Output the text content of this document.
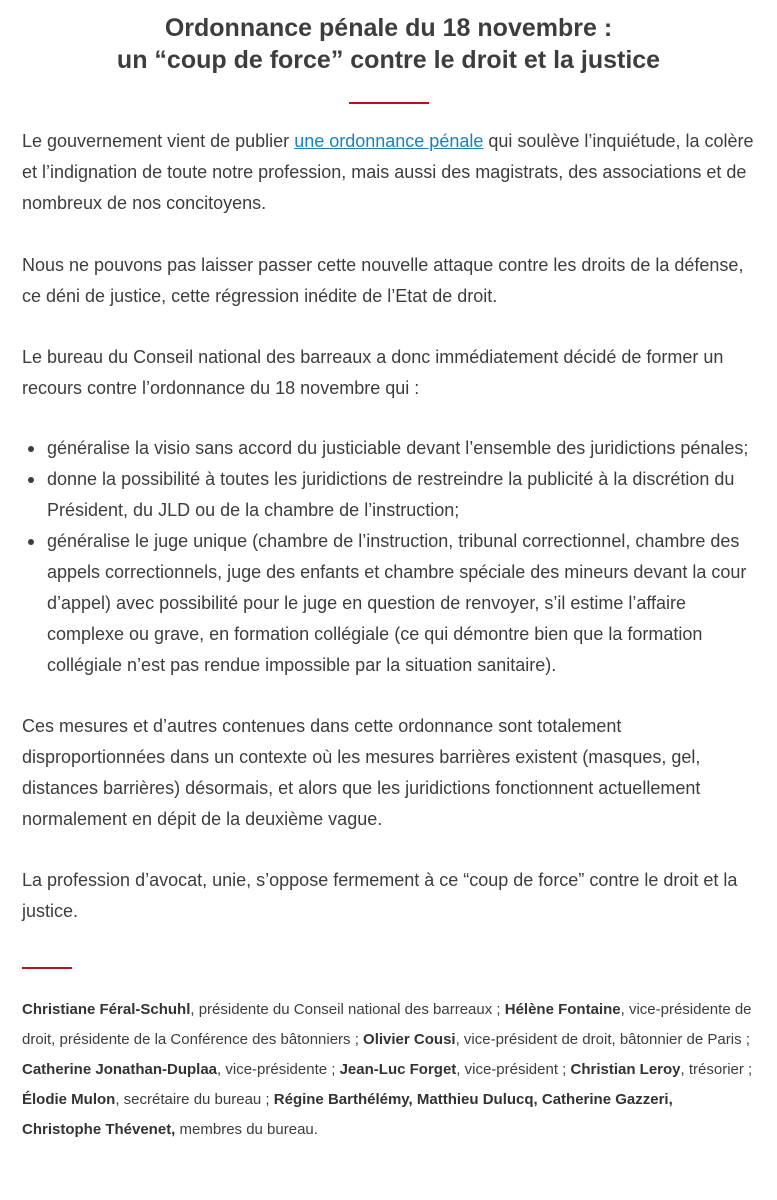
Ordonnance pénale du 18 novembre :
un “coup de force” contre le droit et la justice

Le gouvernement vient de publier une ordonnance pénale qui soulève l’inquiétude, la colère et l’indignation de toute notre profession, mais aussi des magistrats, des associations et de nombreux de nos concitoyens.

Nous ne pouvons pas laisser passer cette nouvelle attaque contre les droits de la défense, ce déni de justice, cette régression inédite de l’Etat de droit.

Le bureau du Conseil national des barreaux a donc immédiatement décidé de former un recours contre l’ordonnance du 18 novembre qui :

généralise la visio sans accord du justiciable devant l’ensemble des juridictions pénales;
donne la possibilité à toutes les juridictions de restreindre la publicité à la discrétion du Président, du JLD ou de la chambre de l’instruction;
généralise le juge unique (chambre de l’instruction, tribunal correctionnel, chambre des appels correctionnels, juge des enfants et chambre spéciale des mineurs devant la cour d’appel) avec possibilité pour le juge en question de renvoyer, s’il estime l’affaire complexe ou grave, en formation collégiale (ce qui démontre bien que la formation collégiale n’est pas rendue impossible par la situation sanitaire).

Ces mesures et d’autres contenues dans cette ordonnance sont totalement disproportionnées dans un contexte où les mesures barrières existent (masques, gel, distances barrières) désormais, et alors que les juridictions fonctionnent actuellement normalement en dépit de la deuxième vague.

La profession d’avocat, unie, s’oppose fermement à ce “coup de force” contre le droit et la justice.

Christiane Féral-Schuhl, présidente du Conseil national des barreaux ; Hélène Fontaine, vice-présidente de droit, présidente de la Conférence des bâtonniers ; Olivier Cousi, vice-président de droit, bâtonnier de Paris ; Catherine Jonathan-Duplaa, vice-présidente ; Jean-Luc Forget, vice-président ; Christian Leroy, trésorier ; Élodie Mulon, secrétaire du bureau ; Régine Barthélémy, Matthieu Dulucq, Catherine Gazzeri, Christophe Thévenet, membres du bureau.
